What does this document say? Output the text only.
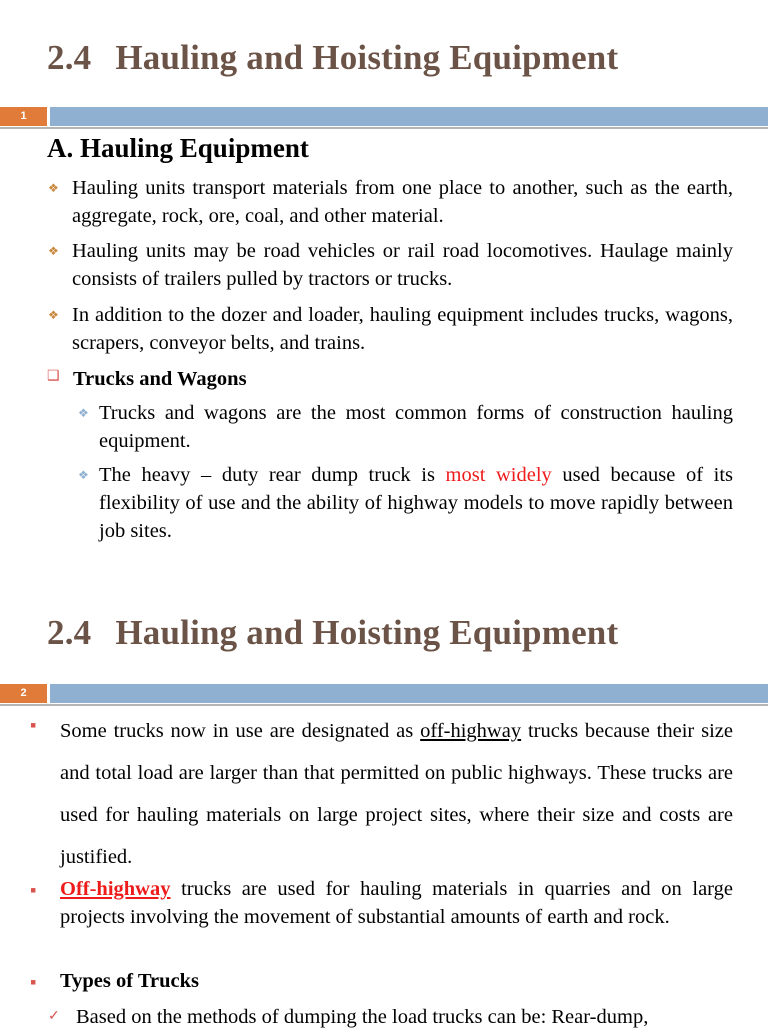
2.4 Hauling and Hoisting Equipment
1
A. Hauling Equipment
❖ Hauling units transport materials from one place to another, such as the earth, aggregate, rock, ore, coal, and other material.
❖ Hauling units may be road vehicles or rail road locomotives. Haulage mainly consists of trailers pulled by tractors or trucks.
❖ In addition to the dozer and loader, hauling equipment includes trucks, wagons, scrapers, conveyor belts, and trains.
❑ Trucks and Wagons
❖ Trucks and wagons are the most common forms of construction hauling equipment.
❖ The heavy – duty rear dump truck is most widely used because of its flexibility of use and the ability of highway models to move rapidly between job sites.
2.4 Hauling and Hoisting Equipment
2
▪ Some trucks now in use are designated as off-highway trucks because their size and total load are larger than that permitted on public highways. These trucks are used for hauling materials on large project sites, where their size and costs are justified.
▪ Off-highway trucks are used for hauling materials in quarries and on large projects involving the movement of substantial amounts of earth and rock.
▪ Types of Trucks
✓ Based on the methods of dumping the load trucks can be: Rear-dump,
